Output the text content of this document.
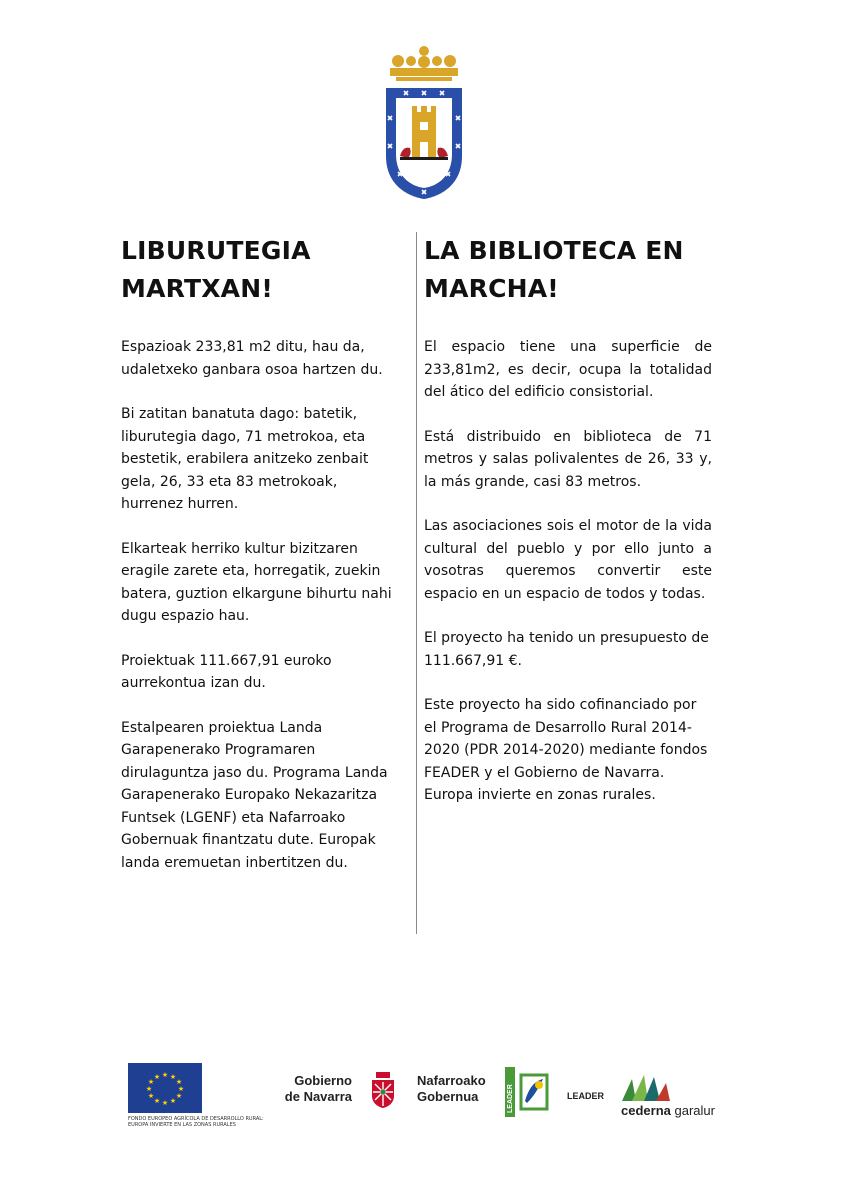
LIBURUTEGIA
MARTXAN!

Espazioak 233,81 m2 ditu, hau da, udaletxeko ganbara osoa hartzen du.

Bi zatitan banatuta dago: batetik, liburutegia dago, 71 metrokoa, eta bestetik, erabilera anitzeko zenbait gela, 26, 33 eta 83 metrokoak, hurrenez hurren.

Elkarteak herriko kultur bizitzaren eragile zarete eta, horregatik, zuekin batera, guztion elkargune bihurtu nahi dugu espazio hau.

Proiektuak 111.667,91 euroko aurrekontua izan du.

Estalpearen proiektua Landa Garapenerako Programaren dirulaguntza jaso du. Programa Landa Garapenerako Europako Nekazaritza Funtsek (LGENF) eta Nafarroako Gobernuak finantzatu dute. Europak landa eremuetan inbertitzen du.

LA BIBLIOTECA EN
MARCHA!

El espacio tiene una superficie de 233,81m2, es decir, ocupa la totalidad del ático del edificio consistorial.

Está distribuido en biblioteca de 71 metros y salas polivalentes de 26, 33 y, la más grande, casi 83 metros.

Las asociaciones sois el motor de la vida cultural del pueblo y por ello junto a vosotras queremos convertir este espacio en un espacio de todos y todas.

El proyecto ha tenido un presupuesto de 111.667,91 €.

Este proyecto ha sido cofinanciado por el Programa de Desarrollo Rural 2014-2020 (PDR 2014-2020) mediante fondos FEADER y el Gobierno de Navarra. Europa invierte en zonas rurales.

★ ★
★
★
★
★
★
★
★
★
★
★
FONDO EUROPEO AGRÍCOLA DE DESARROLLO RURAL:
EUROPA INVIERTE EN LAS ZONAS RURALES
Gobierno
de Navarra
Nafarroako
Gobernua	LEADER	LEADER
cederna garalur
